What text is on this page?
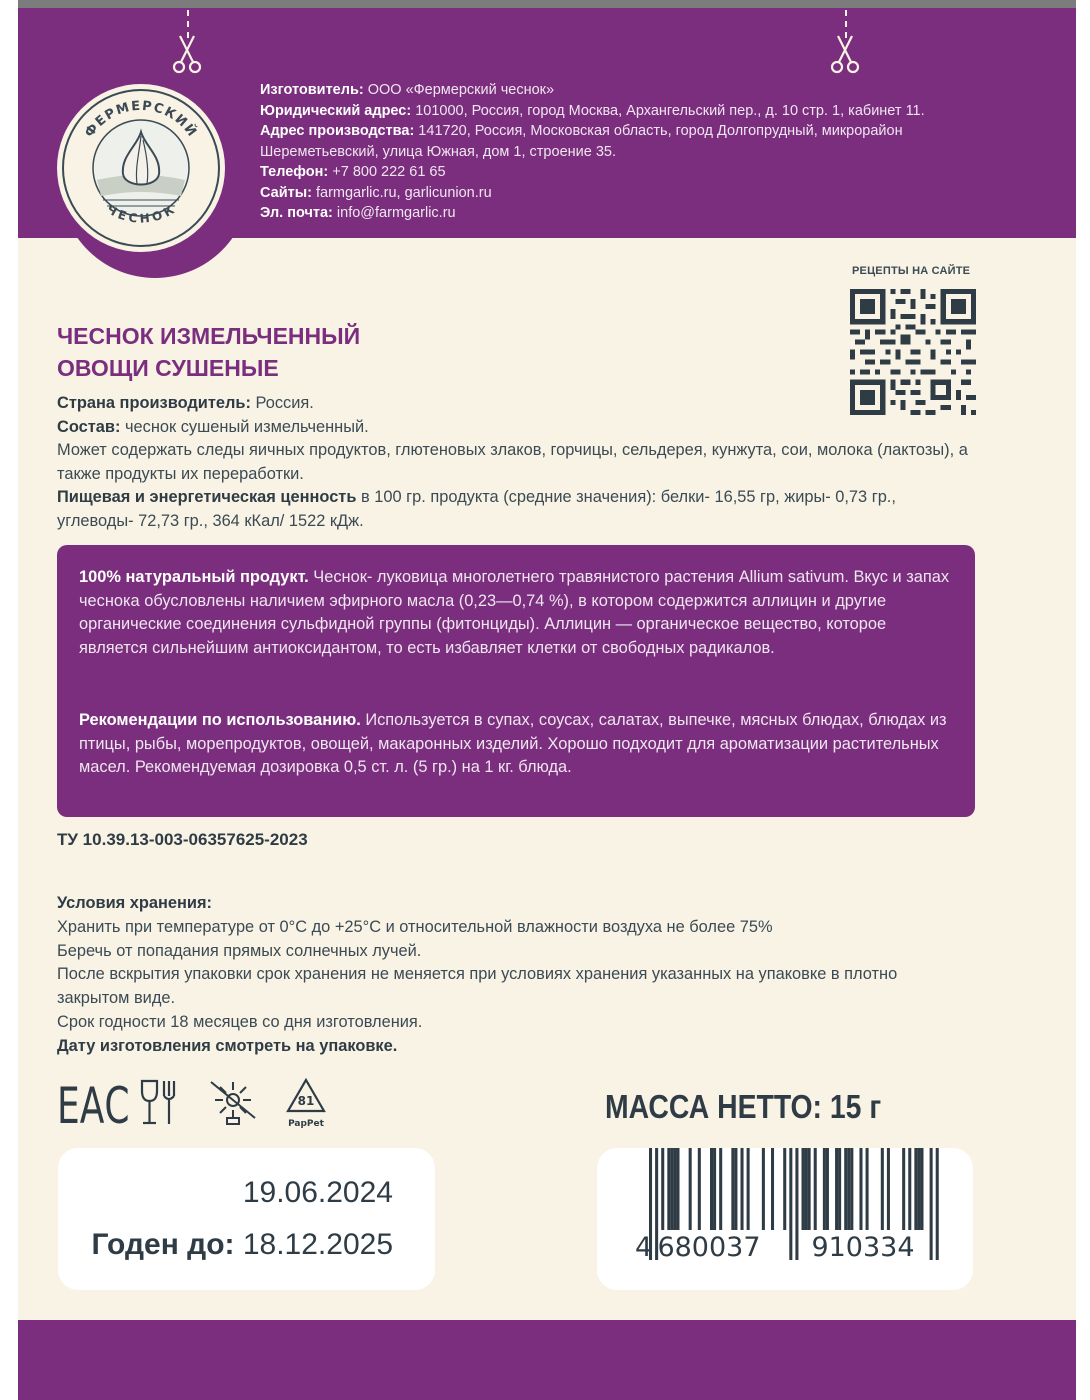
ФЕРМЕРСКИЙ
ЧЕСНОК
Изготовитель: ООО «Фермерский чеснок»
Юридический адрес: 101000, Россия, город Москва, Архангельский пер., д. 10 стр. 1, кабинет 11.
Адрес производства: 141720, Россия, Московская область, город Долгопрудный, микрорайон Шереметьевский, улица Южная, дом 1, строение 35.
Телефон: +7 800 222 61 65
Сайты: farmgarlic.ru, garlicunion.ru
Эл. почта: info@farmgarlic.ru
РЕЦЕПТЫ НА САЙТЕ
ЧЕСНОК ИЗМЕЛЬЧЕННЫЙ
ОВОЩИ СУШЕНЫЕ
Страна производитель: Россия.
Состав: чеснок сушеный измельченный.
Может содержать следы яичных продуктов, глютеновых злаков, горчицы, сельдерея, кунжута, сои, молока (лактозы), а также продукты их переработки.
Пищевая и энергетическая ценность в 100 гр. продукта (средние значения): белки- 16,55 гр, жиры- 0,73 гр., углеводы- 72,73 гр., 364 кКал/ 1522 кДж.
100% натуральный продукт. Чеснок- луковица многолетнего травянистого растения Allium sativum. Вкус и запах чеснока обусловлены наличием эфирного масла (0,23—0,74 %), в котором содержится аллицин и другие органические соединения сульфидной группы (фитонциды). Аллицин — органическое вещество, которое является сильнейшим антиоксидантом, то есть избавляет клетки от свободных радикалов.
Рекомендации по использованию. Используется в супах, соусах, салатах, выпечке, мясных блюдах, блюдах из птицы, рыбы, морепродуктов, овощей, макаронных изделий. Хорошо подходит для ароматизации растительных масел. Рекомендуемая дозировка 0,5 ст. л. (5 гр.) на 1 кг. блюда.
ТУ 10.39.13-003-06357625-2023
Условия хранения:
Хранить при температуре от 0°С до +25°С и относительной влажности воздуха не более 75%
Беречь от попадания прямых солнечных лучей.
После вскрытия упаковки срок хранения не меняется при условиях хранения указанных на упаковке в плотно закрытом виде.
Срок годности 18 месяцев со дня изготовления.
Дату изготовления смотреть на упаковке.
ЕАС	81
PapPet	МАССА НЕТТО: 15 г
19.06.2024
Годен до: 18.12.2025	4 680037 910334
